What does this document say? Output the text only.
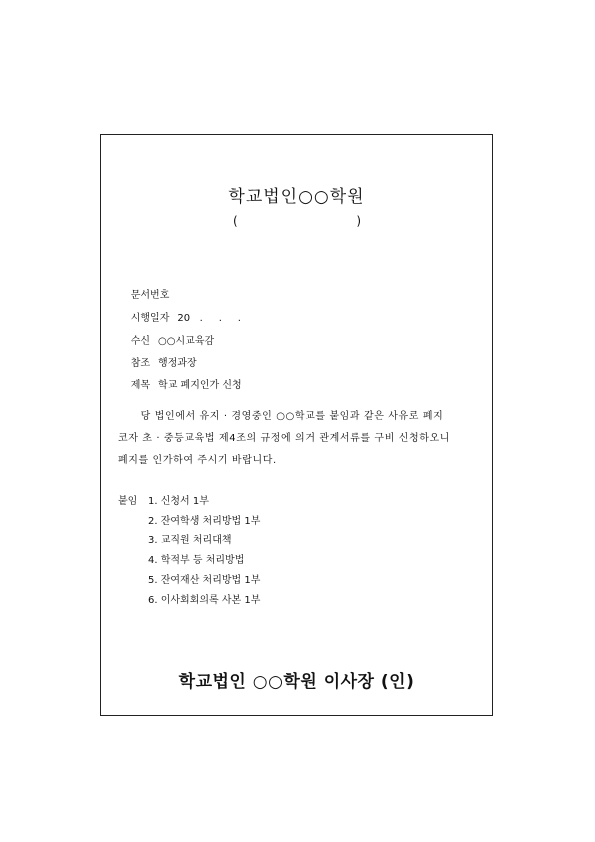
학교법인○○학원
(	)

문서번호

시행일자 20   .     .     .

수신 ○○시교육감

참조 행정과장

제목 학교 폐지인가 신청

당 법인에서 유지 · 경영중인 ○○학교를 붙임과 같은 사유로 폐지
코자 초 · 중등교육법 제4조의 규정에 의거 관계서류를 구비 신청하오니
폐지를 인가하여 주시기 바랍니다.
붙임 1. 신청서 1부
2. 잔여학생 처리방법 1부
3. 교직원 처리대책
4. 학적부 등 처리방법
5. 잔여재산 처리방법 1부
6. 이사회회의록 사본 1부
학교법인 ○○학원 이사장 (인)
